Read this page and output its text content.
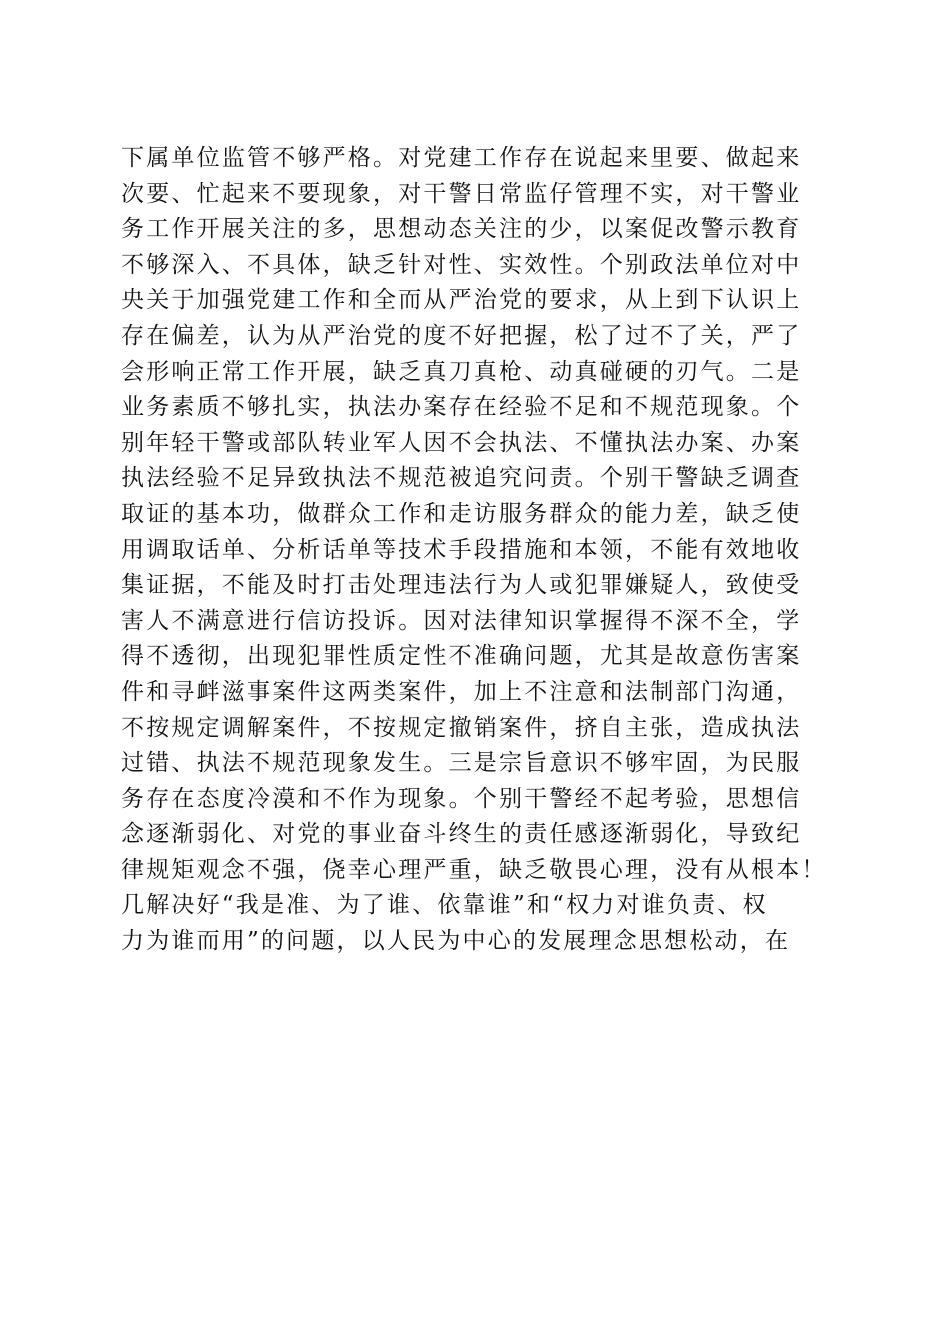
下属单位监管不够严格。对党建工作存在说起来里要、做起来
次要、忙起来不要现象，对干警日常监仔管理不实，对干警业
务工作开展关注的多，思想动态关注的少，以案促改警示教育
不够深入、不具体，缺乏针对性、实效性。个别政法单位对中
央关于加强党建工作和全而从严治党的要求，从上到下认识上
存在偏差，认为从严治党的度不好把握，松了过不了关，严了
会形响正常工作开展，缺乏真刀真枪、动真碰硬的刃气。二是
业务素质不够扎实，执法办案存在经验不足和不规范现象。个
别年轻干警或部队转业军人因不会执法、不懂执法办案、办案
执法经验不足异致执法不规范被追究问责。个别干警缺乏调查
取证的基本功，做群众工作和走访服务群众的能力差，缺乏使
用调取话单、分析话单等技术手段措施和本领，不能有效地收
集证据，不能及时打击处理违法行为人或犯罪嫌疑人，致使受
害人不满意进行信访投诉。因对法律知识掌握得不深不全，学
得不透彻，出现犯罪性质定性不准确问题，尤其是故意伤害案
件和寻衅滋事案件这两类案件，加上不注意和法制部门沟通，
不按规定调解案件，不按规定撤销案件，挤自主张，造成执法
过错、执法不规范现象发生。三是宗旨意识不够牢固，为民服
务存在态度冷漠和不作为现象。个别干警经不起考验，思想信
念逐渐弱化、对党的事业奋斗终生的责任感逐渐弱化，导致纪
律规矩观念不强，侥幸心理严重，缺乏敬畏心理，没有从根本！
几解决好“我是准、为了谁、依靠谁”和“权力对谁负责、权
力为谁而用”的问题，以人民为中心的发展理念思想松动，在
